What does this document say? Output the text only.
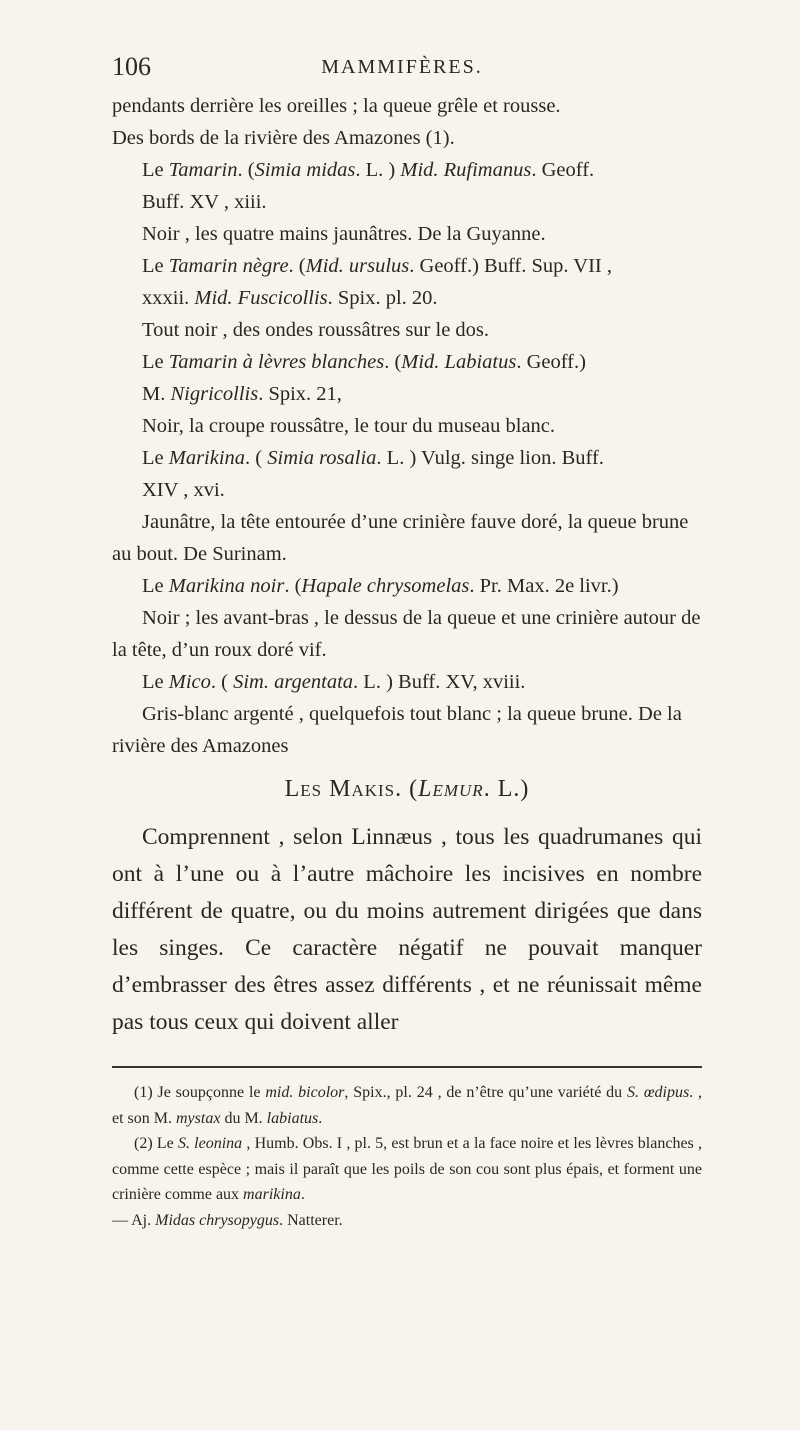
106	MAMMIFÈRES.

pendants derrière les oreilles ; la queue grêle et rousse.

Des bords de la rivière des Amazones (1).

Le Tamarin. (Simia midas. L. ) Mid. Rufimanus. Geoff.

Buff. XV , xiii.

Noir , les quatre mains jaunâtres. De la Guyanne.

Le Tamarin nègre. (Mid. ursulus. Geoff.) Buff. Sup. VII ,

xxxii. Mid. Fuscicollis. Spix. pl. 20.

Tout noir , des ondes roussâtres sur le dos.

Le Tamarin à lèvres blanches. (Mid. Labiatus. Geoff.)

M. Nigricollis. Spix. 21,

Noir, la croupe roussâtre, le tour du museau blanc.

Le Marikina. ( Simia rosalia. L. ) Vulg. singe lion. Buff.

XIV , xvi.

Jaunâtre, la tête entourée d’une crinière fauve doré, la queue brune au bout. De Surinam.

Le Marikina noir. (Hapale chrysomelas. Pr. Max. 2e livr.)

Noir ; les avant-bras , le dessus de la queue et une crinière autour de la tête, d’un roux doré vif.

Le Mico. ( Sim. argentata. L. ) Buff. XV, xviii.

Gris-blanc argenté , quelquefois tout blanc ; la queue brune. De la rivière des Amazones

Les Makis. (Lemur. L.)

Comprennent , selon Linnæus , tous les quadrumanes qui ont à l’une ou à l’autre mâchoire les incisives en nombre différent de quatre, ou du moins autrement dirigées que dans les singes. Ce caractère négatif ne pouvait manquer d’embrasser des êtres assez différents , et ne réunissait même pas tous ceux qui doivent aller

(1) Je soupçonne le mid. bicolor, Spix., pl. 24 , de n’être qu’une variété du S. œdipus. , et son M. mystax du M. labiatus.

(2) Le S. leonina , Humb. Obs. I , pl. 5, est brun et a la face noire et les lèvres blanches , comme cette espèce ; mais il paraît que les poils de son cou sont plus épais, et forment une crinière comme aux marikina.

— Aj. Midas chrysopygus. Natterer.
